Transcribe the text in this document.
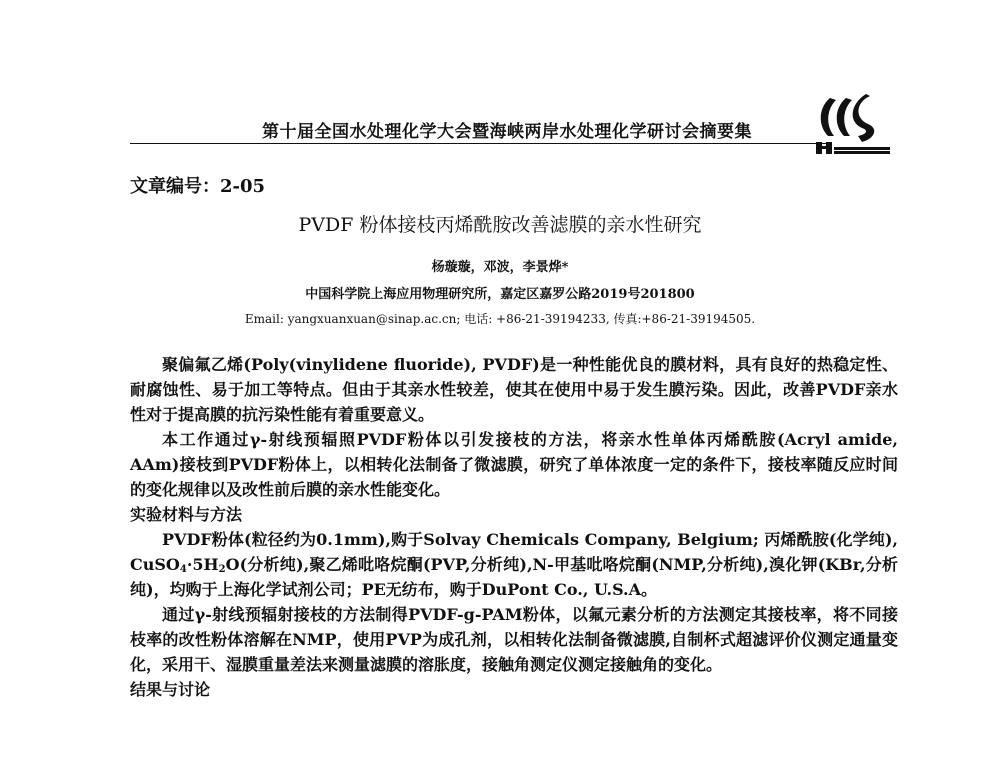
第十届全国水处理化学大会暨海峡两岸水处理化学研讨会摘要集
文章编号：2-05
PVDF 粉体接枝丙烯酰胺改善滤膜的亲水性研究
杨璇璇，邓波，李景烨*
中国科学院上海应用物理研究所，嘉定区嘉罗公路2019号201800
Email: yangxuanxuan@sinap.ac.cn; 电话: +86-21-39194233, 传真:+86-21-39194505.

聚偏氟乙烯(Poly(vinylidene fluoride), PVDF)是一种性能优良的膜材料，具有良好的热稳定性、耐腐蚀性、易于加工等特点。但由于其亲水性较差，使其在使用中易于发生膜污染。因此，改善PVDF亲水性对于提高膜的抗污染性能有着重要意义。

本工作通过γ-射线预辐照PVDF粉体以引发接枝的方法，将亲水性单体丙烯酰胺(Acryl amide, AAm)接枝到PVDF粉体上，以相转化法制备了微滤膜，研究了单体浓度一定的条件下，接枝率随反应时间的变化规律以及改性前后膜的亲水性能变化。

实验材料与方法

PVDF粉体(粒径约为0.1mm),购于Solvay Chemicals Company, Belgium; 丙烯酰胺(化学纯), $CuSO_4\cdot 5H_2O$(分析纯),聚乙烯吡咯烷酮(PVP,分析纯),N-甲基吡咯烷酮(NMP,分析纯),溴化钾(KBr,分析纯)，均购于上海化学试剂公司；PE无纺布，购于DuPont Co., U.S.A。

通过γ-射线预辐射接枝的方法制得PVDF-g-PAM粉体，以氟元素分析的方法测定其接枝率，将不同接枝率的改性粉体溶解在NMP，使用PVP为成孔剂，以相转化法制备微滤膜,自制杯式超滤评价仪测定通量变化，采用干、湿膜重量差法来测量滤膜的溶胀度，接触角测定仪测定接触角的变化。

结果与讨论
